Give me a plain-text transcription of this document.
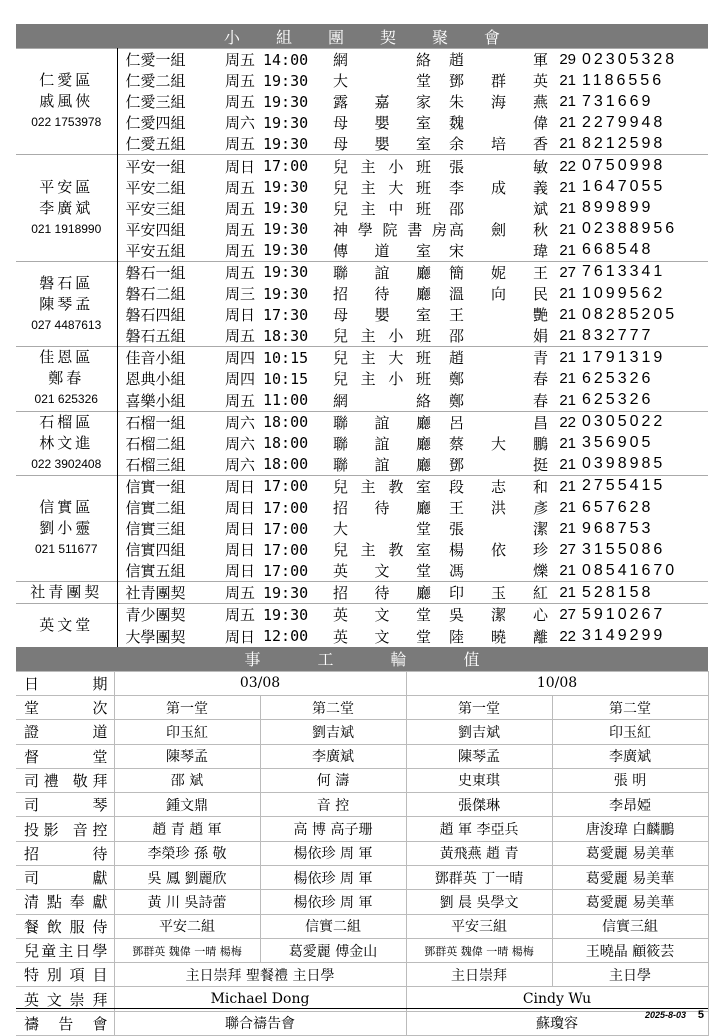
小 組 團 契 聚 會
仁愛區
戚風俠
022 1753978	仁愛一組	周五	14:00	網絡	趙軍	29	02305328
	仁愛二組	周五	19:30	大堂	鄧群英	21	1186556
	仁愛三組	周五	19:30	露嘉家	朱海燕	21	731669
	仁愛四組	周六	19:30	母嬰室	魏偉	21	2279948
	仁愛五組	周五	19:30	母嬰室	余培香	21	8212598

平安區
李廣斌
021 1918990	平安一組	周日	17:00	兒主小班	張敏	22	0750998
	平安二組	周五	19:30	兒主大班	李成義	21	1647055
	平安三組	周五	19:30	兒主中班	邵斌	21	899899
	平安四組	周五	19:30	神學院書房	高劍秋	21	02388956
	平安五組	周五	19:30	傳道室	宋瑋	21	668548

磐石區
陳琴孟
027 4487613	磐石一組	周五	19:30	聯誼廳	簡妮王	27	7613341
	磐石二組	周三	19:30	招待廳	溫向民	21	1099562
	磐石四組	周日	17:30	母嬰室	王艷	21	08285205
	磐石五組	周五	18:30	兒主小班	邵娟	21	832777

佳恩區
鄭春
021 625326	佳音小組	周四	10:15	兒主大班	趙青	21	1791319
	恩典小組	周四	10:15	兒主小班	鄭春	21	625326
	喜樂小組	周五	11:00	網絡	鄭春	21	625326

石榴區
林文進
022 3902408	石榴一組	周六	18:00	聯誼廳	呂昌	22	0305022
	石榴二組	周六	18:00	聯誼廳	蔡大鵬	21	356905
	石榴三組	周六	18:00	聯誼廳	鄧挺	21	0398985

信實區
劉小靈
021 511677	信實一組	周日	17:00	兒主教室	段志和	21	2755415
	信實二組	周日	17:00	招待廳	王洪彥	21	657628
	信實三組	周日	17:00	大堂	張潔	21	968753
	信實四組	周日	17:00	兒主教室	楊依珍	27	3155086
	信實五組	周日	17:00	英文堂	馮爍	21	08541670

社青團契	社青團契	周五	19:30	招待廳	印玉紅	21	528158

英文堂	青少團契	周五	19:30	英文堂	吳潔心	27	5910267
	大學團契	周日	12:00	英文堂	陸曉離	22	3149299
事	工	輪	值
日期	03/08		10/08	
堂次	第一堂	第二堂	第一堂	第二堂
證道	印玉紅	劉吉斌	劉吉斌	印玉紅
督堂	陳琴孟	李廣斌	陳琴孟	李廣斌
司禮 敬拜	邵 斌	何 濤	史東琪	張 明
司琴	鍾文鼎	音 控	張傑琳	李昂婭
投影 音控	趙 青 趙 軍	高 博 高子珊	趙 軍 李亞兵	唐浚瑋 白麟鵬
招待	李榮珍 孫 敬	楊依珍 周 軍	黃飛燕 趙 青	葛愛麗 易美華
司獻	吳 鳳 劉麗欣	楊依珍 周 軍	鄧群英 丁一晴	葛愛麗 易美華
清點奉獻	黃 川 吳詩蕾	楊依珍 周 軍	劉 晨 吳學文	葛愛麗 易美華
餐飲服侍	平安二組	信實二組	平安三組	信實三組
兒童主日學	鄧群英 魏偉 一晴 楊梅	葛愛麗 傅金山	鄧群英 魏偉 一晴 楊梅	王曉晶 顧筱芸
特別項目	主日崇拜 聖餐禮 主日學		主日崇拜	主日學
英文崇拜	Michael Dong		Cindy Wu	
禱告會	聯合禱告會		蘇瓊容	
2025-8-03 5
